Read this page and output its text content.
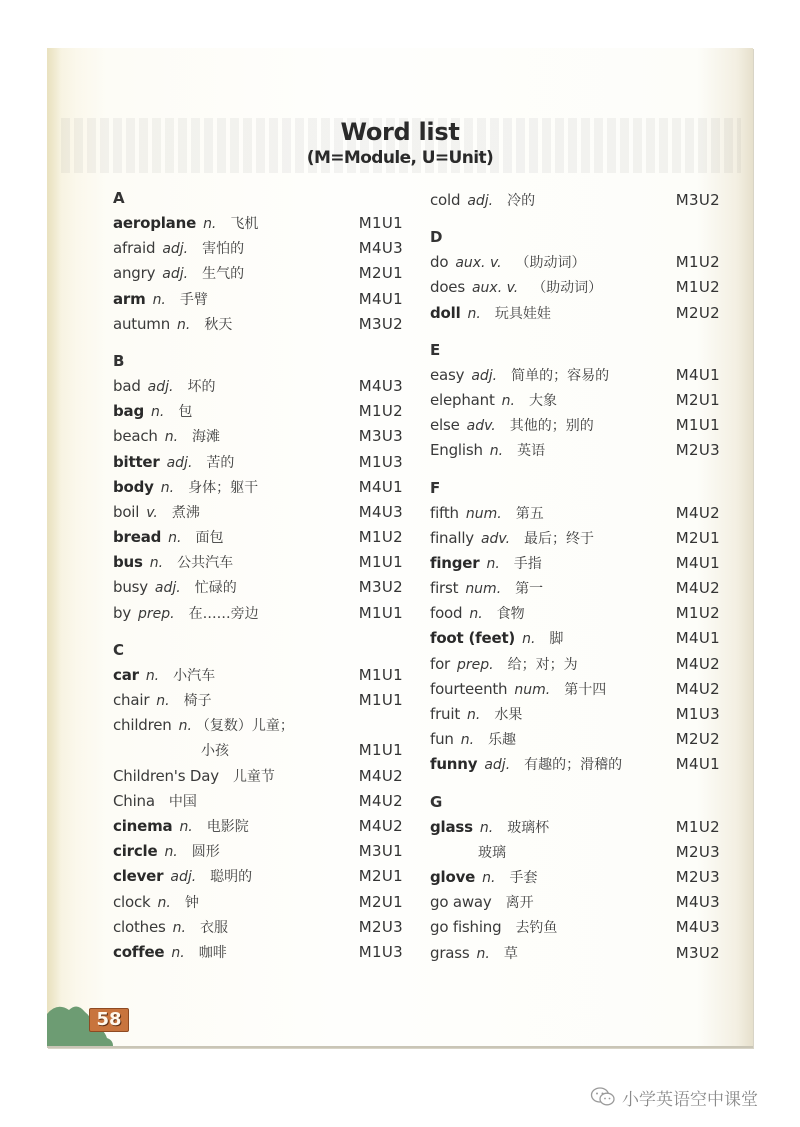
Word list
(M=Module, U=Unit)
A
aeroplane n. 飞机	M1U1
afraid adj. 害怕的	M4U3
angry adj. 生气的	M2U1
arm n. 手臂	M4U1
autumn n. 秋天	M3U2
B
bad adj. 坏的	M4U3
bag n. 包	M1U2
beach n. 海滩	M3U3
bitter adj. 苦的	M1U3
body n. 身体；躯干	M4U1
boil v. 煮沸	M4U3
bread n. 面包	M1U2
bus n. 公共汽车	M1U1
busy adj. 忙碌的	M3U2
by prep. 在……旁边	M1U1
C
car n. 小汽车	M1U1
chair n. 椅子	M1U1
children n. （复数）儿童；
小孩	M1U1
Children's Day 儿童节	M4U2
China 中国	M4U2
cinema n. 电影院	M4U2
circle n. 圆形	M3U1
clever adj. 聪明的	M2U1
clock n. 钟	M2U1
clothes n. 衣服	M2U3
coffee n. 咖啡	M1U3
cold adj. 冷的	M3U2
D
do aux. v. （助动词）	M1U2
does aux. v. （助动词）	M1U2
doll n. 玩具娃娃	M2U2
E
easy adj. 简单的；容易的	M4U1
elephant n. 大象	M2U1
else adv. 其他的；别的	M1U1
English n. 英语	M2U3
F
fifth num. 第五	M4U2
finally adv. 最后；终于	M2U1
finger n. 手指	M4U1
first num. 第一	M4U2
food n. 食物	M1U2
foot (feet) n. 脚	M4U1
for prep. 给；对；为	M4U2
fourteenth num. 第十四	M4U2
fruit n. 水果	M1U3
fun n. 乐趣	M2U2
funny adj. 有趣的；滑稽的	M4U1
G
glass n. 玻璃杯	M1U2
玻璃	M2U3
glove n. 手套	M2U3
go away 离开	M4U3
go fishing 去钓鱼	M4U3
grass n. 草	M3U2
58
小学英语空中课堂
